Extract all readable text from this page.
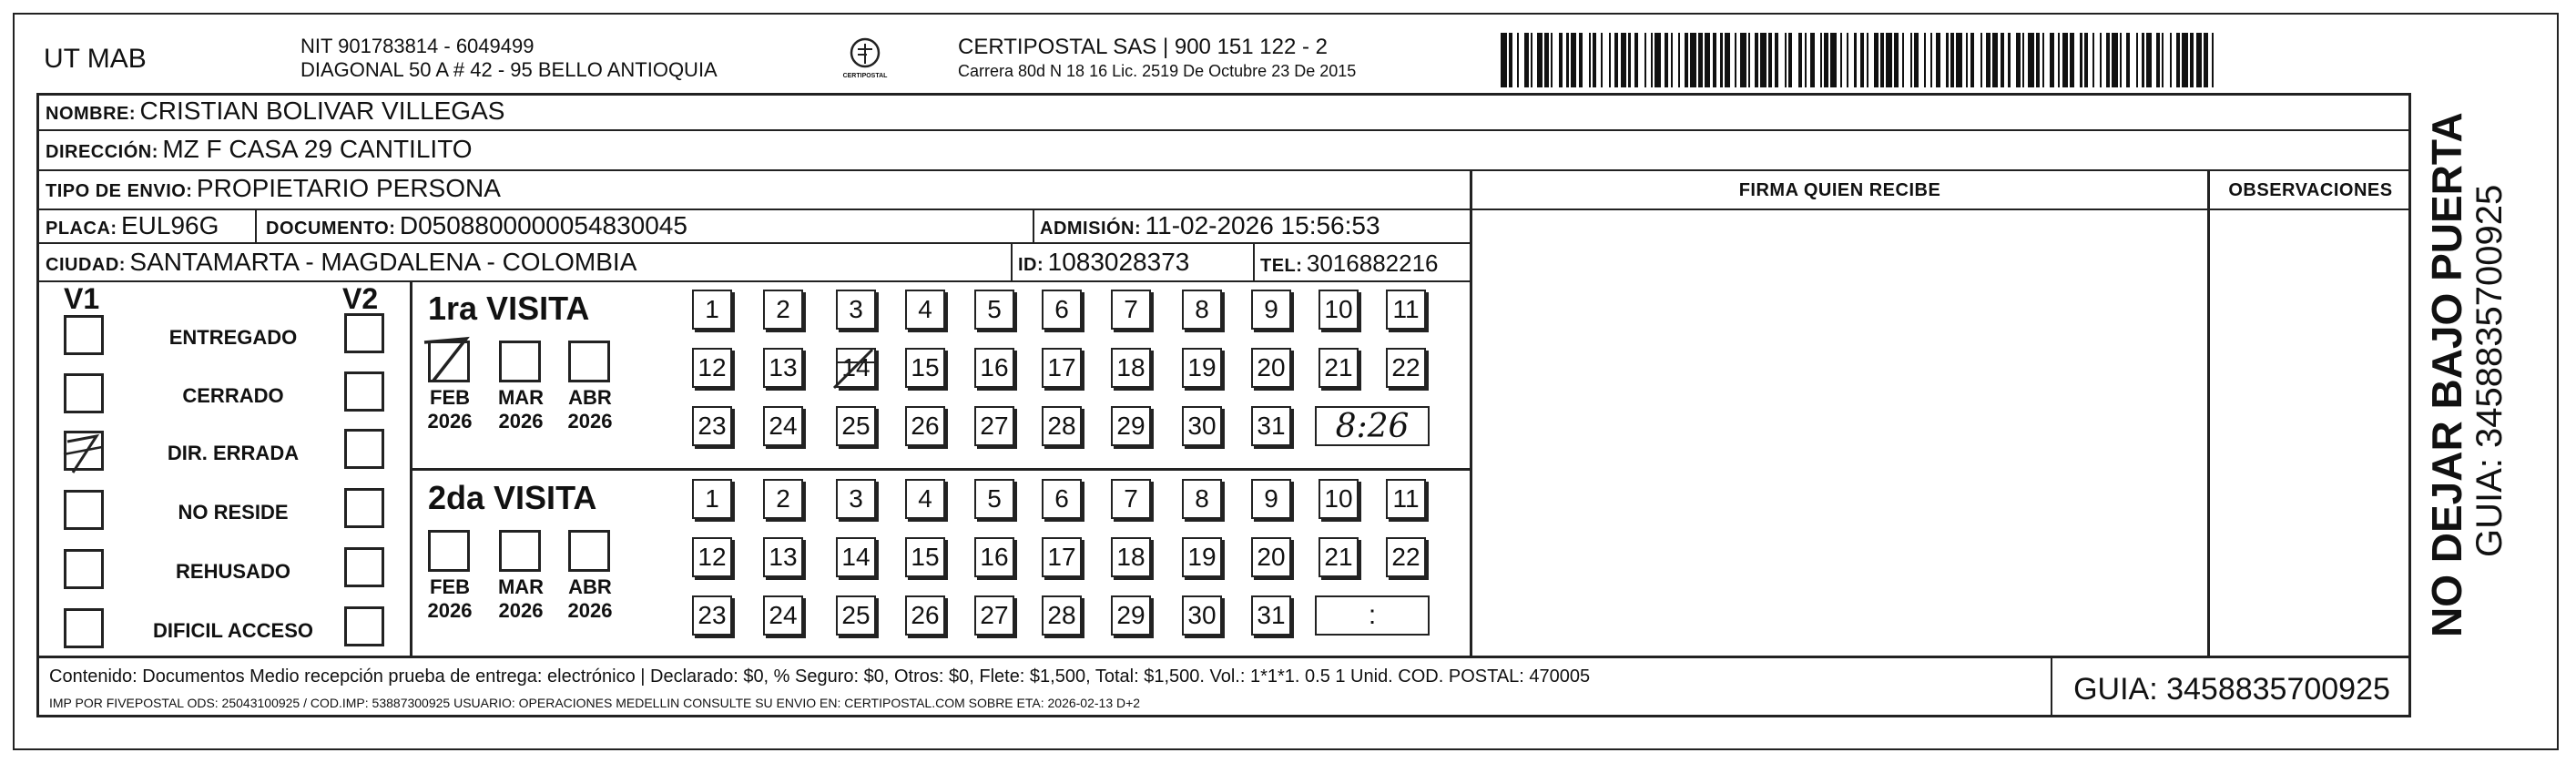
UT MAB	NIT 901783814 - 6049499
DIAGONAL 50 A # 42 - 95 BELLO ANTIOQUIA	CERTIPOSTAL
CERTIPOSTAL SAS | 900 151 122 - 2
Carrera 80d N 18 16 Lic. 2519 De Octubre 23 De 2015
NOMBRE: CRISTIAN BOLIVAR VILLEGAS
DIRECCIÓN: MZ F CASA 29 CANTILITO
TIPO DE ENVIO: PROPIETARIO PERSONA	FIRMA QUIEN RECIBE	OBSERVACIONES
PLACA: EUL96G	DOCUMENTO: D0508800000054830045	ADMISIÓN: 11-02-2026 15:56:53
CIUDAD: SANTAMARTA - MAGDALENA - COLOMBIA	ID: 1083028373	TEL: 3016882216
V1	V2
ENTREGADO
CERRADO
DIR. ERRADA
NO RESIDE
REHUSADO
DIFICIL ACCESO
1ra VISITA
2da VISITA
FEB
2026
MAR
2026
ABR
2026
1	2	3	4	5	6	7	8	9	10 11
12 13 14 15 16 17 18 19 20 21 22
23 24 25 26 27 28 29 30 31	8:26
FEB
2026
MAR
2026
ABR
2026
1	2	3	4	5	6	7	8	9	10 11
12 13 14 15 16 17 18 19 20 21 22
23 24 25 26 27 28 29 30 31	:
Contenido: Documentos Medio recepción prueba de entrega: electrónico | Declarado: $0, % Seguro: $0, Otros: $0, Flete: $1,500, Total: $1,500. Vol.: 1*1*1. 0.5 1 Unid. COD. POSTAL: 470005
IMP POR FIVEPOSTAL ODS: 25043100925 / COD.IMP: 53887300925 USUARIO: OPERACIONES MEDELLIN CONSULTE SU ENVIO EN: CERTIPOSTAL.COM SOBRE ETA: 2026-02-13 D+2	GUIA: 3458835700925
NO DEJAR BAJO PUERTA GUIA: 3458835700925
